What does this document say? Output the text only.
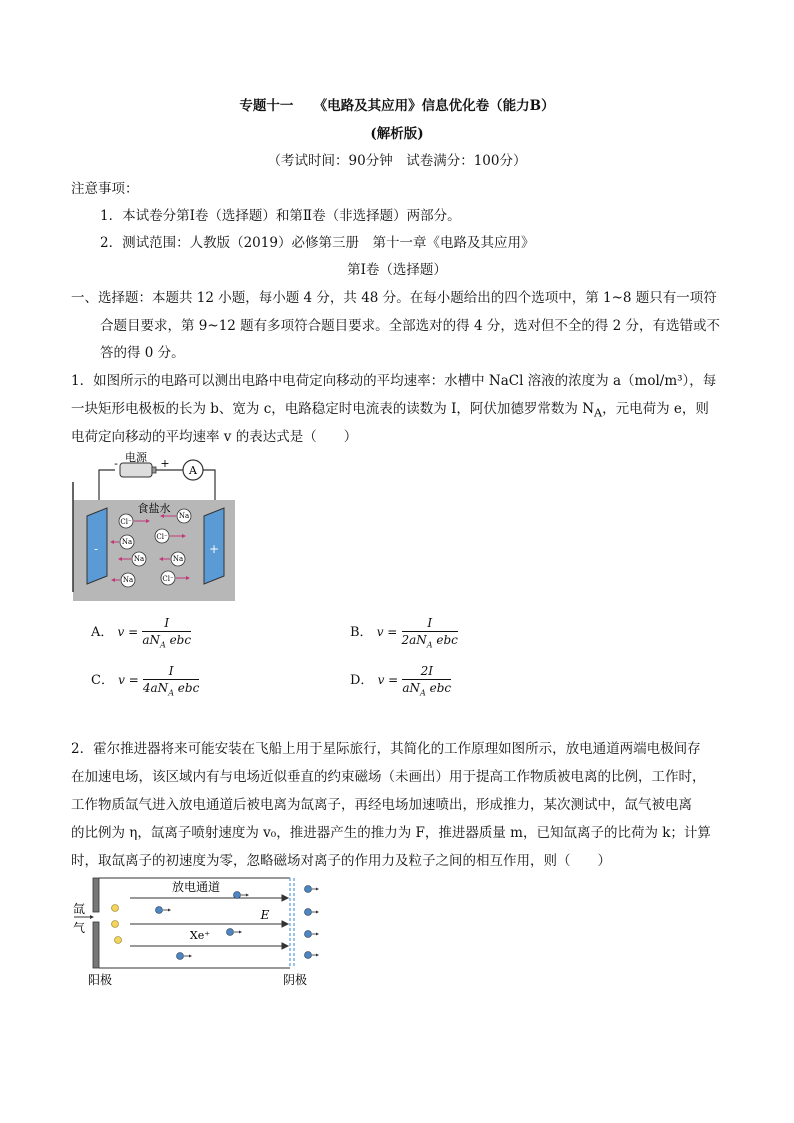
专题十一　　《电路及其应用》信息优化卷（能力B）
(解析版)
（考试时间：90分钟　试卷满分：100分）
注意事项：
1．本试卷分第Ⅰ卷（选择题）和第Ⅱ卷（非选择题）两部分。
2．测试范围：人教版（2019）必修第三册　第十一章《电路及其应用》
第Ⅰ卷（选择题）
一、选择题：本题共 12 小题，每小题 4 分，共 48 分。在每小题给出的四个选项中，第 1~8 题只有一项符
合题目要求，第 9~12 题有多项符合题目要求。全部选对的得 4 分，选对但不全的得 2 分，有选错或不
答的得 0 分。
1．如图所示的电路可以测出电路中电荷定向移动的平均速率：水槽中 NaCl 溶液的浓度为 a（mol/m³），每
一块矩形电极板的长为 b、宽为 c，电路稳定时电流表的读数为 I，阿伏加德罗常数为 $N_A$，元电荷为 e，则
电荷定向移动的平均速率 v 的表达式是（　　）
电源
-	+
A
食盐水
-	+
Cl⁻
Na
Cl⁻
Na
Na	Na
Cl⁻
Na
A． $v = \frac{I}{aN_A ebc}$	B． $v = \frac{I}{2aN_A ebc}$
C． $v = \frac{I}{4aN_A ebc}$	D． $v = \frac{2I}{aN_A ebc}$
2．霍尔推进器将来可能安装在飞船上用于星际旅行，其简化的工作原理如图所示，放电通道两端电极间存
在加速电场，该区域内有与电场近似垂直的约束磁场（未画出）用于提高工作物质被电离的比例，工作时，
工作物质氙气进入放电通道后被电离为氙离子，再经电场加速喷出，形成推力，某次测试中，氙气被电离
的比例为 η，氙离子喷射速度为 v₀，推进器产生的推力为 F，推进器质量 m，已知氙离子的比荷为 k；计算
时，取氙离子的初速度为零，忽略磁场对离子的作用力及粒子之间的相互作用，则（　　）
放电通道
E
Xe⁺
氙
气
阳极	阴极
